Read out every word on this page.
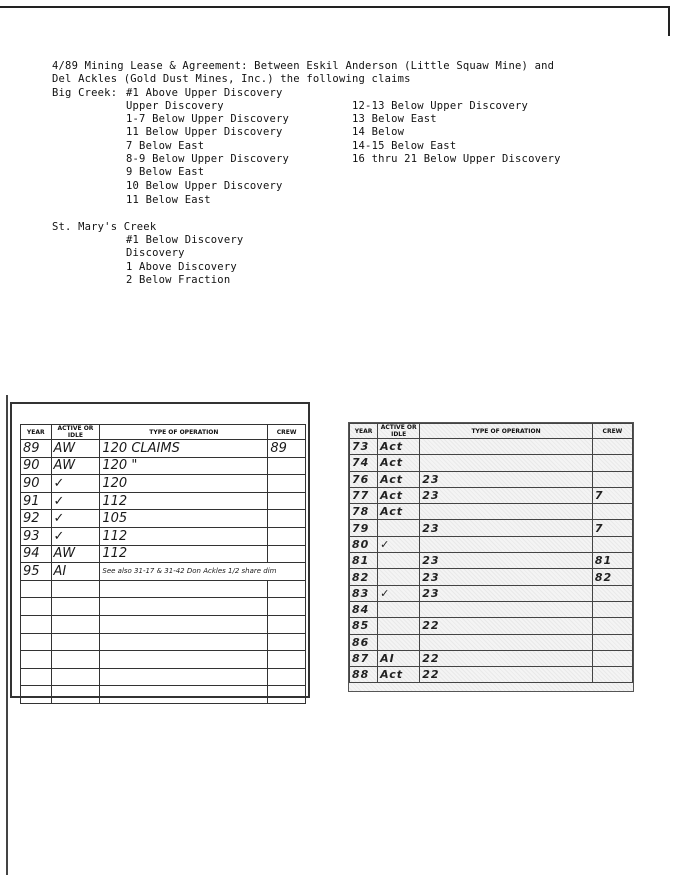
4/89 Mining Lease & Agreement: Between Eskil Anderson (Little Squaw Mine) and
Del Ackles (Gold Dust Mines, Inc.) the following claims
Big Creek: #1 Above Upper Discovery
Upper Discovery
1-7 Below Upper Discovery
11 Below Upper Discovery
7 Below East
8-9 Below Upper Discovery
9 Below East
10 Below Upper Discovery
11 Below East
12-13 Below Upper Discovery
13 Below East
14 Below
14-15 Below East
16 thru 21 Below Upper Discovery
St. Mary's Creek
#1 Below Discovery
Discovery
1 Above Discovery
2 Below Fraction
YEAR	ACTIVE OR IDLE	TYPE OF OPERATION	CREW
89	AW	120 CLAIMS	89
90	AW	120 "	
90	✓	120	
91	✓	112	
92	✓	105	
93	✓	112	
94	AW	112	
95	AI	See also 31-17 & 31-42 Don Ackles 1/2 share dim	

YEAR	ACTIVE OR IDLE	TYPE OF OPERATION	CREW
73	Act		
74	Act		
76	Act	23	
77	Act	23	7
78	Act		
79		23	7
80	✓		
81		23	81
82		23	82
83	✓	23	
84			
85		22	
86			
87	AI	22	
88	Act	22	
